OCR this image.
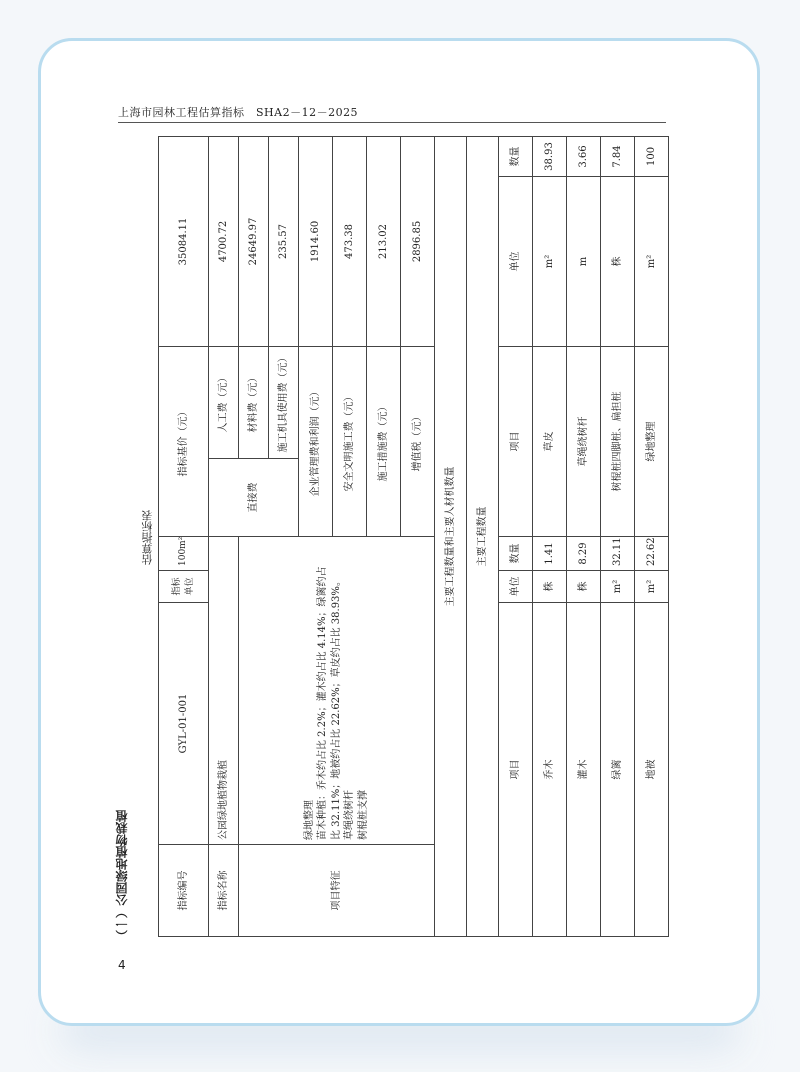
上海市园林工程估算指标　SHA2－12－2025
（一）公园绿地植物栽植
估算指标表
指标编号	GYL-01-001	指标单位	100m²	指标基价（元）		35084.11	
指标名称	公园绿地植物栽植			直接费	人工费（元）	4700.72	
项目特征	绿地整理 苗木种植：乔木约占比 2.2%；灌木约占比 4.14%；绿篱约占 比 32.11%；地被约占比 22.62%；草皮约占比 38.93%。 草绳绕树杆 树棍桩支撑				材料费（元）	24649.97	
					施工机具使用费（元）	235.57	
				企业管理费和利润（元）		1914.60	
				安全文明施工费（元）		473.38	
				施工措施费（元）		213.02	
				增值税（元）		2896.85	
主要工程数量和主要人材机数量							
主要工程数量							
项目		单位	数量	项目		单位	数量
乔木		株	1.41	草皮		m²	38.93
灌木		株	8.29	草绳绕树杆		m	3.66
绿篱		m²	32.11	树棍桩四脚桩、扁担桩		株	7.84
地被		m²	22.62	绿地整理		m²	100
4
